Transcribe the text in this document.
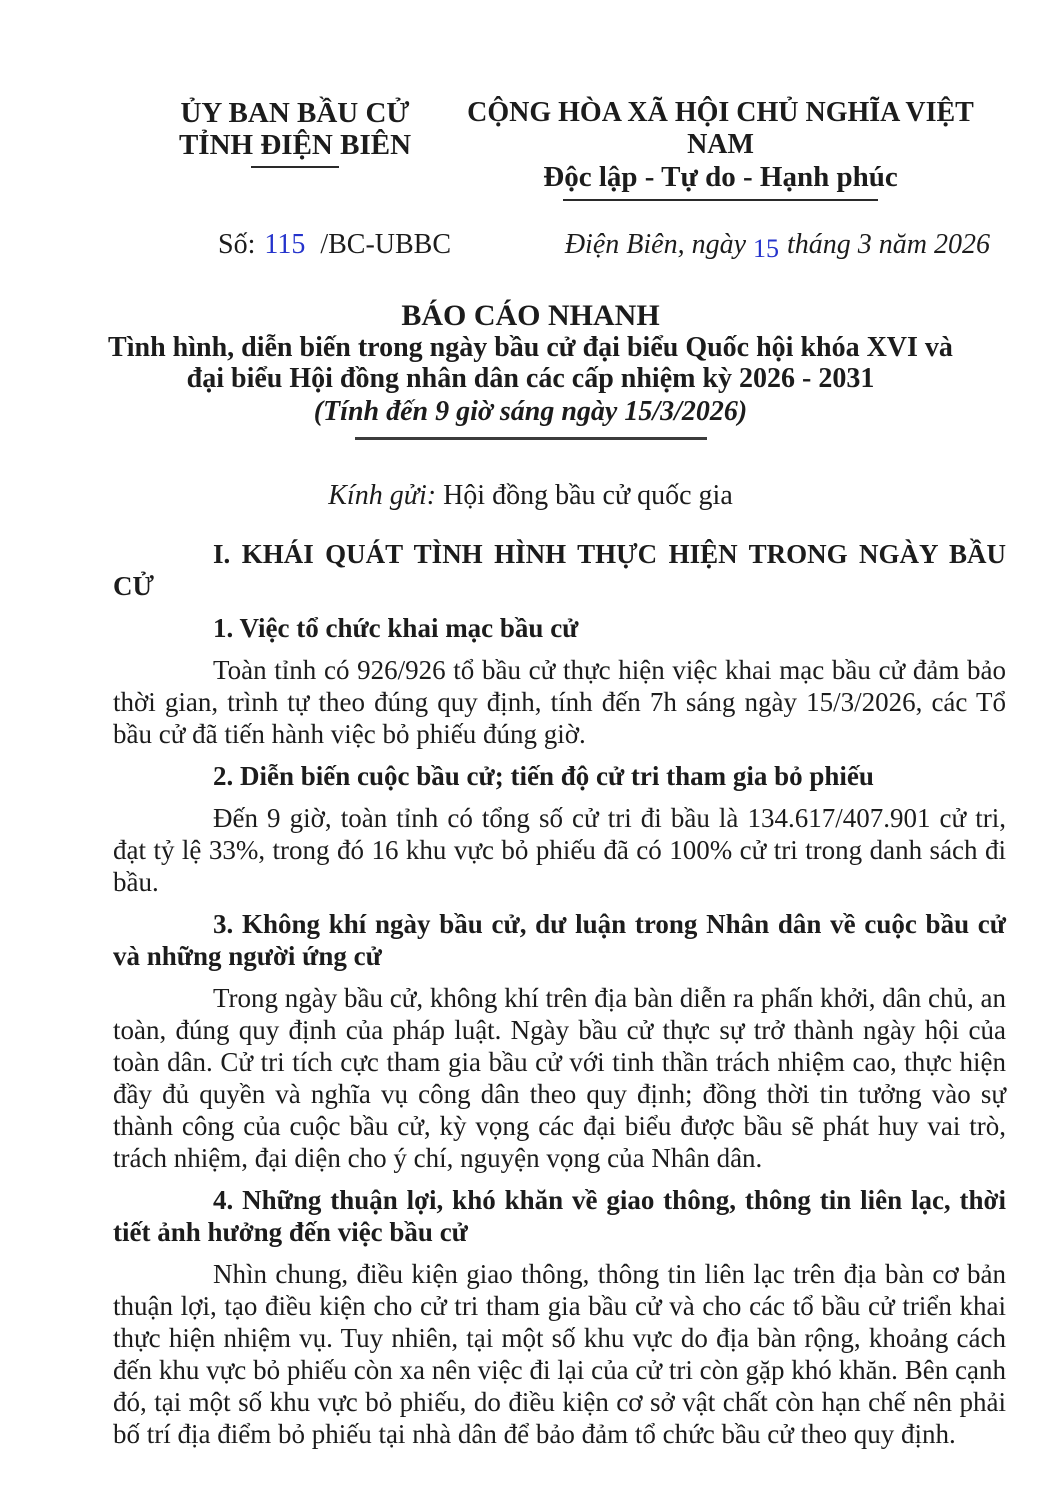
ỦY BAN BẦU CỬ
TỈNH ĐIỆN BIÊN
CỘNG HÒA XÃ HỘI CHỦ NGHĨA VIỆT NAM
Độc lập - Tự do - Hạnh phúc
Số: 115 /BC-UBBC	Điện Biên, ngày 15 tháng 3 năm 2026
BÁO CÁO NHANH
Tình hình, diễn biến trong ngày bầu cử đại biểu Quốc hội khóa XVI và
đại biểu Hội đồng nhân dân các cấp nhiệm kỳ 2026 - 2031
(Tính đến 9 giờ sáng ngày 15/3/2026)
Kính gửi: Hội đồng bầu cử quốc gia
I. KHÁI QUÁT TÌNH HÌNH THỰC HIỆN TRONG NGÀY BẦU CỬ
1. Việc tổ chức khai mạc bầu cử
Toàn tỉnh có 926/926 tổ bầu cử thực hiện việc khai mạc bầu cử đảm bảo thời gian, trình tự theo đúng quy định, tính đến 7h sáng ngày 15/3/2026, các Tổ bầu cử đã tiến hành việc bỏ phiếu đúng giờ.
2. Diễn biến cuộc bầu cử; tiến độ cử tri tham gia bỏ phiếu
Đến 9 giờ, toàn tỉnh có tổng số cử tri đi bầu là 134.617/407.901 cử tri, đạt tỷ lệ 33%, trong đó 16 khu vực bỏ phiếu đã có 100% cử tri trong danh sách đi bầu.
3. Không khí ngày bầu cử, dư luận trong Nhân dân về cuộc bầu cử và những người ứng cử
Trong ngày bầu cử, không khí trên địa bàn diễn ra phấn khởi, dân chủ, an toàn, đúng quy định của pháp luật. Ngày bầu cử thực sự trở thành ngày hội của toàn dân. Cử tri tích cực tham gia bầu cử với tinh thần trách nhiệm cao, thực hiện đầy đủ quyền và nghĩa vụ công dân theo quy định; đồng thời tin tưởng vào sự thành công của cuộc bầu cử, kỳ vọng các đại biểu được bầu sẽ phát huy vai trò, trách nhiệm, đại diện cho ý chí, nguyện vọng của Nhân dân.
4. Những thuận lợi, khó khăn về giao thông, thông tin liên lạc, thời tiết ảnh hưởng đến việc bầu cử
Nhìn chung, điều kiện giao thông, thông tin liên lạc trên địa bàn cơ bản thuận lợi, tạo điều kiện cho cử tri tham gia bầu cử và cho các tổ bầu cử triển khai thực hiện nhiệm vụ. Tuy nhiên, tại một số khu vực do địa bàn rộng, khoảng cách đến khu vực bỏ phiếu còn xa nên việc đi lại của cử tri còn gặp khó khăn. Bên cạnh đó, tại một số khu vực bỏ phiếu, do điều kiện cơ sở vật chất còn hạn chế nên phải bố trí địa điểm bỏ phiếu tại nhà dân để bảo đảm tổ chức bầu cử theo quy định.
